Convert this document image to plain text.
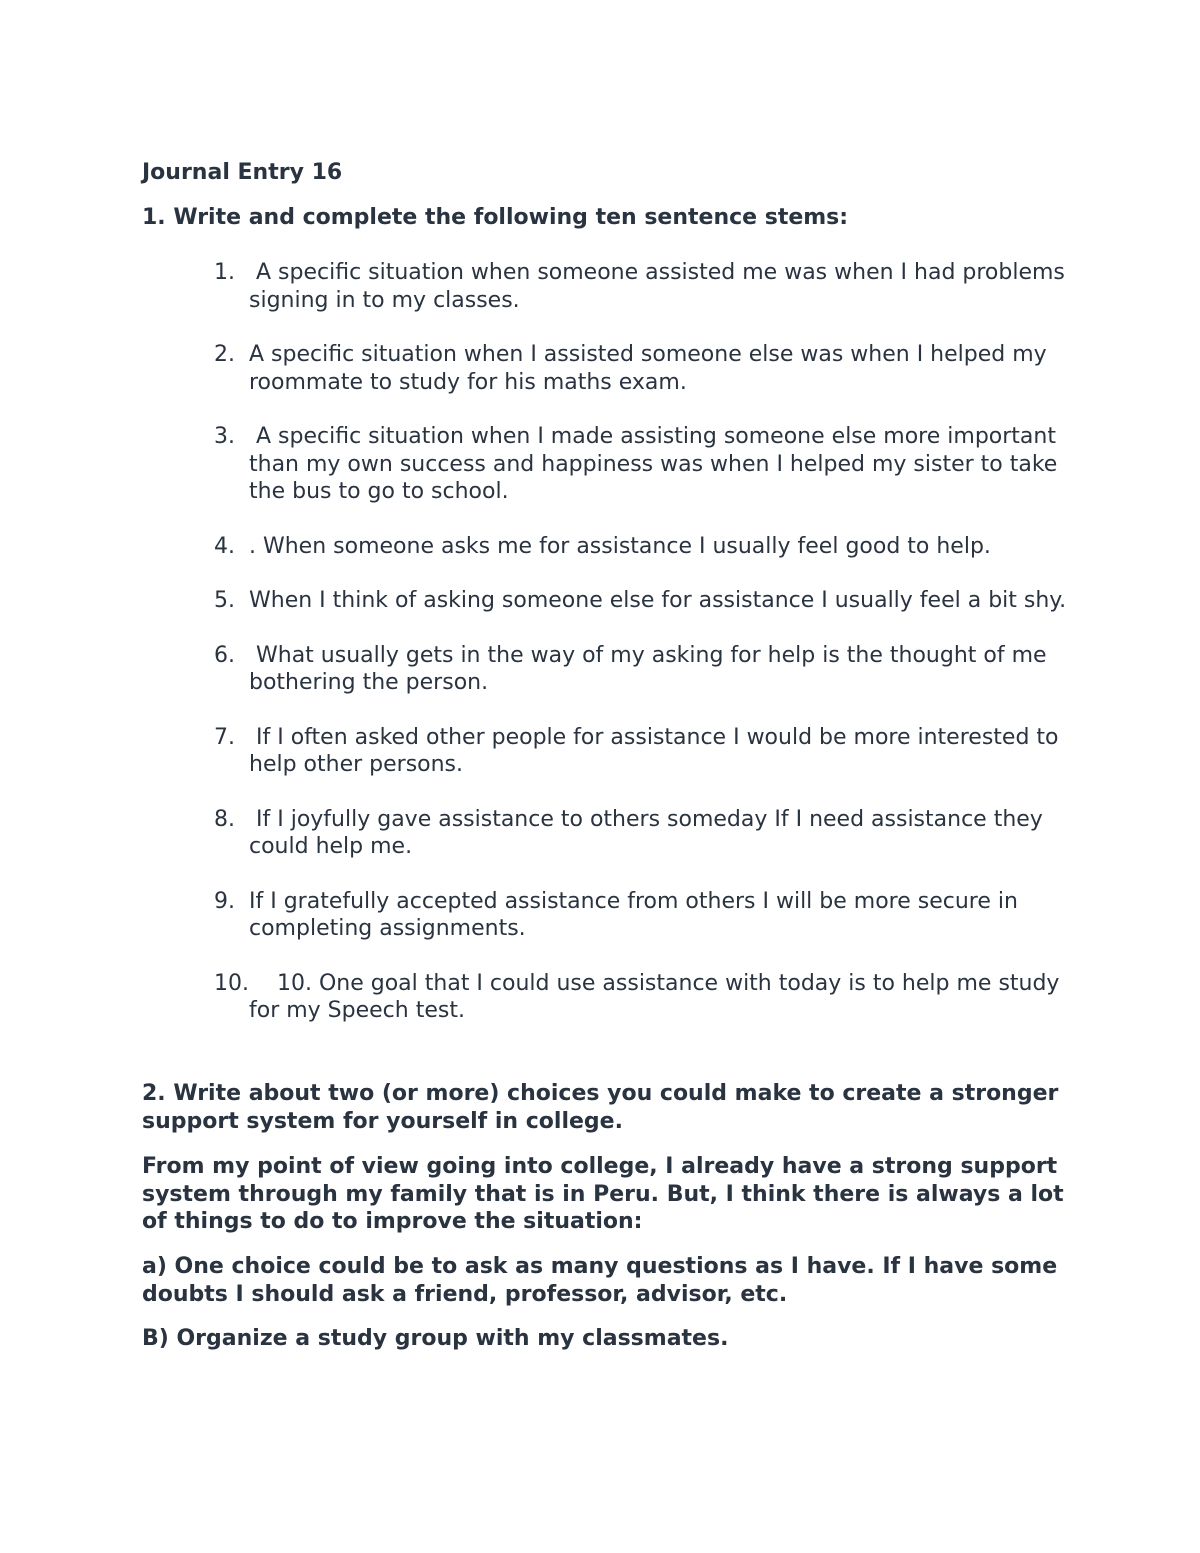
Journal Entry 16

1. Write and complete the following ten sentence stems:

1. A specific situation when someone assisted me was when I had problems signing in to my classes.
2. A specific situation when I assisted someone else was when I helped my roommate to study for his maths exam.
3. A specific situation when I made assisting someone else more important than my own success and happiness was when I helped my sister to take the bus to go to school.
4. . When someone asks me for assistance I usually feel good to help.
5. When I think of asking someone else for assistance I usually feel a bit shy.
6. What usually gets in the way of my asking for help is the thought of me bothering the person.
7. If I often asked other people for assistance I would be more interested to help other persons.
8. If I joyfully gave assistance to others someday If I need assistance they could help me.
9. If I gratefully accepted assistance from others I will be more secure in completing assignments.
10. 10. One goal that I could use assistance with today is to help me study for my Speech test.

2. Write about two (or more) choices you could make to create a stronger support system for yourself in college.

From my point of view going into college, I already have a strong support system through my family that is in Peru. But, I think there is always a lot of things to do to improve the situation:

a) One choice could be to ask as many questions as I have. If I have some doubts I should ask a friend, professor, advisor, etc.

B) Organize a study group with my classmates.
